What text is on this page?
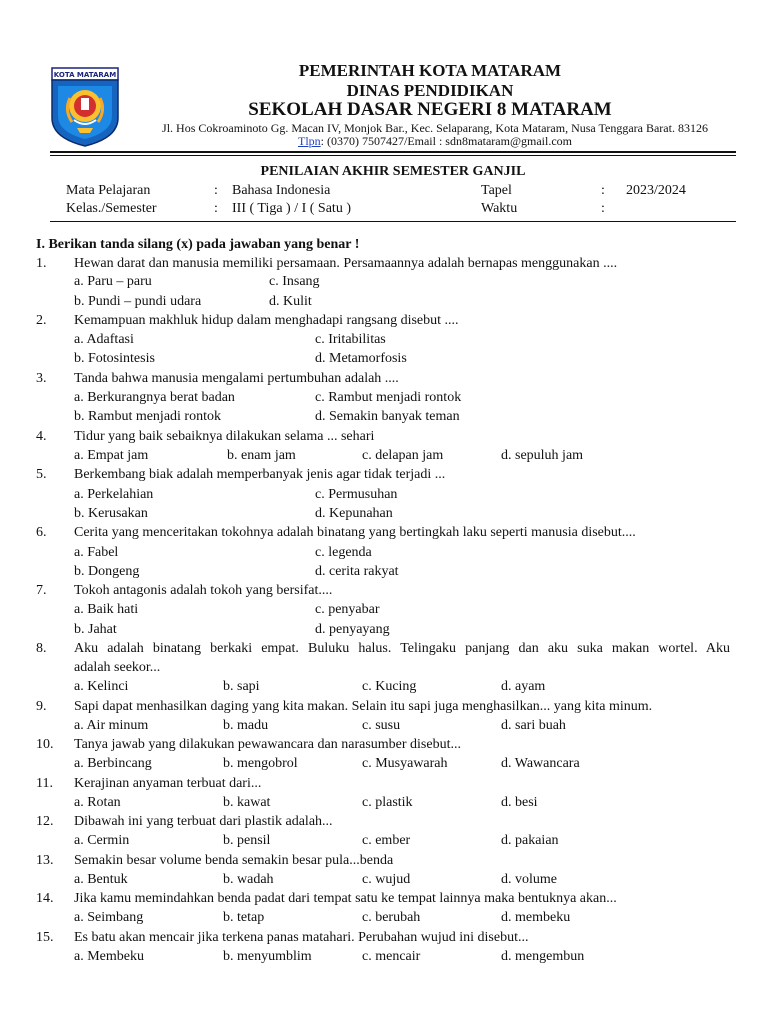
KOTA MATARAM	PEMERINTAH KOTA MATARAM
DINAS PENDIDIKAN
SEKOLAH DASAR NEGERI 8 MATARAM
Jl. Hos Cokroaminoto Gg. Macan IV, Monjok Bar., Kec. Selaparang, Kota Mataram, Nusa Tenggara Barat. 83126
Tlpn: (0370) 7507427/Email : sdn8mataram@gmail.com
PENILAIAN AKHIR SEMESTER GANJIL
Mata Pelajaran	: Bahasa Indonesia	Tapel	: 2023/2024
Kelas./Semester	: III ( Tiga ) / I ( Satu )	Waktu	:
I. Berikan tanda silang (x) pada jawaban yang benar !
1. Hewan darat dan manusia memiliki persamaan. Persamaannya adalah bernapas menggunakan ....
a. Paru – paru	c. Insang
b. Pundi – pundi udara	d. Kulit
2. Kemampuan makhluk hidup dalam menghadapi rangsang disebut ....
a. Adaftasi	c. Iritabilitas
b. Fotosintesis	d. Metamorfosis
3. Tanda bahwa manusia mengalami pertumbuhan adalah ....
a. Berkurangnya berat badan	c. Rambut menjadi rontok
b. Rambut menjadi rontok	d. Semakin banyak teman
4. Tidur yang baik sebaiknya dilakukan selama ... sehari
a. Empat jam	b. enam jam	c. delapan jam	d. sepuluh jam
5. Berkembang biak adalah memperbanyak jenis agar tidak terjadi ...
a. Perkelahian	c. Permusuhan
b. Kerusakan	d. Kepunahan
6. Cerita yang menceritakan tokohnya adalah binatang yang bertingkah laku seperti manusia disebut....
a. Fabel	c. legenda
b. Dongeng	d. cerita rakyat
7. Tokoh antagonis adalah tokoh yang bersifat....
a. Baik hati	c. penyabar
b. Jahat	d. penyayang
8. Aku adalah binatang berkaki empat. Buluku halus. Telingaku panjang dan aku suka makan wortel. Aku
adalah seekor...
a. Kelinci	b. sapi	c. Kucing	d. ayam
9. Sapi dapat menhasilkan daging yang kita makan. Selain itu sapi juga menghasilkan... yang kita minum.
a. Air minum	b. madu	c. susu	d. sari buah
10. Tanya jawab yang dilakukan pewawancara dan narasumber disebut...
a. Berbincang	b. mengobrol	c. Musyawarah	d. Wawancara
11. Kerajinan anyaman terbuat dari...
a. Rotan	b. kawat	c. plastik	d. besi
12. Dibawah ini yang terbuat dari plastik adalah...
a. Cermin	b. pensil	c. ember	d. pakaian
13. Semakin besar volume benda semakin besar pula...benda
a. Bentuk	b. wadah	c. wujud	d. volume
14. Jika kamu memindahkan benda padat dari tempat satu ke tempat lainnya maka bentuknya akan...
a. Seimbang	b. tetap	c. berubah	d. membeku
15. Es batu akan mencair jika terkena panas matahari. Perubahan wujud ini disebut...
a. Membeku	b. menyumblim	c. mencair	d. mengembun
